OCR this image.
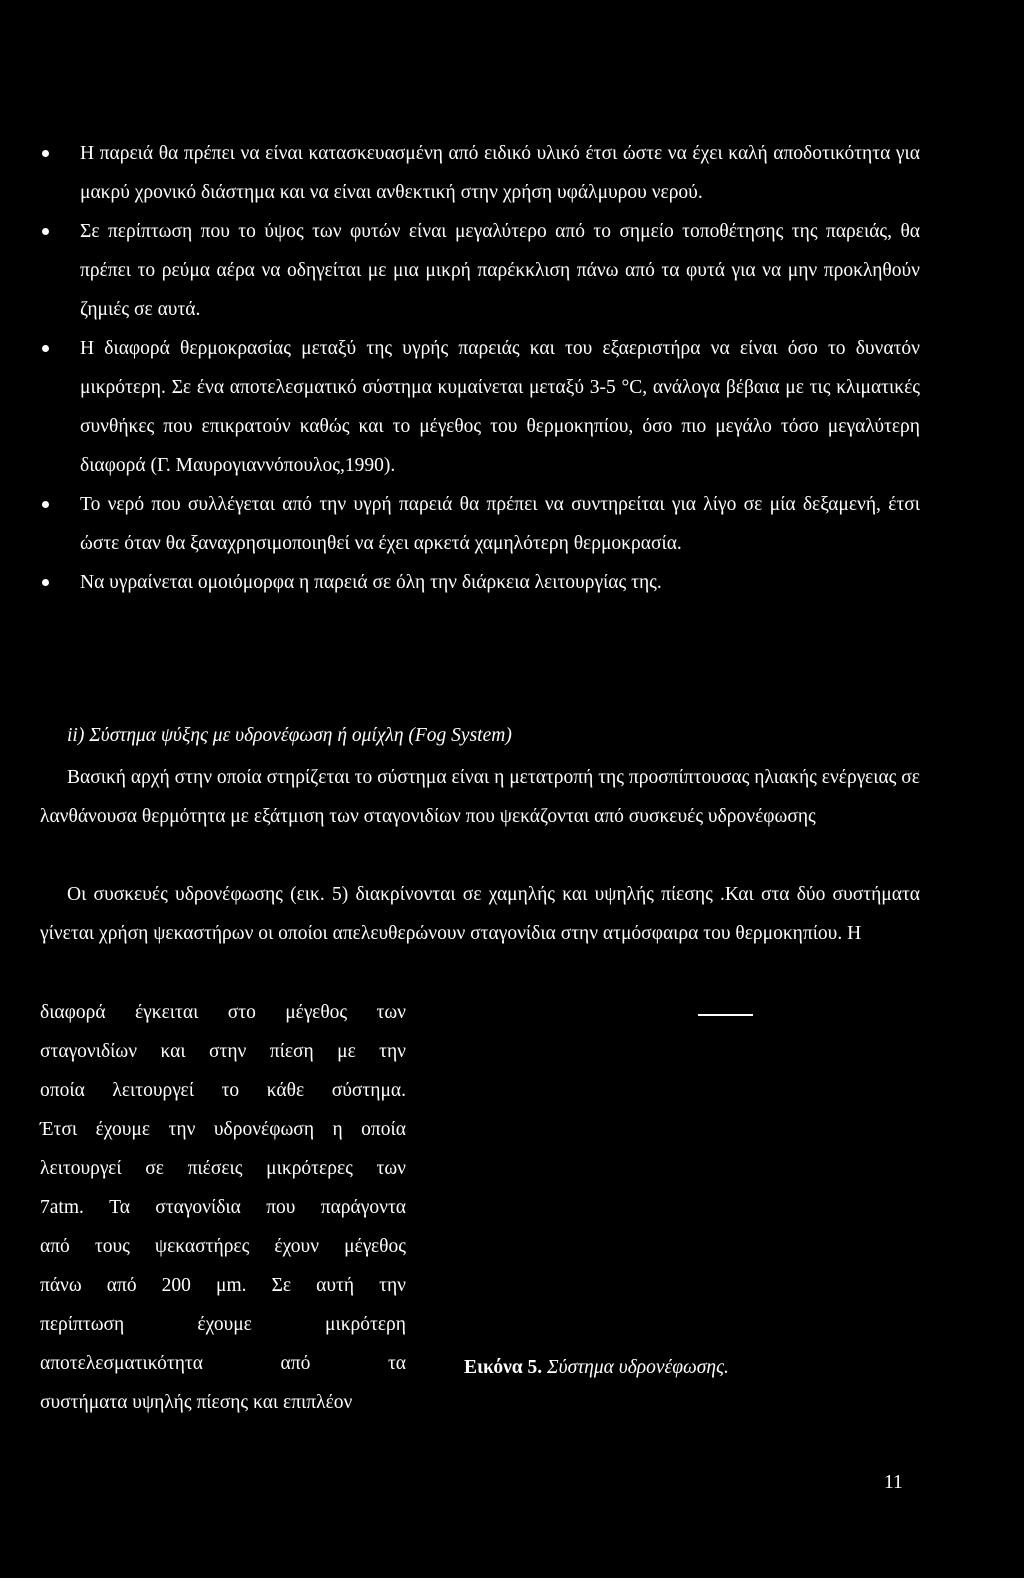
Η παρειά θα πρέπει να είναι κατασκευασμένη από ειδικό υλικό έτσι ώστε να έχει καλή αποδοτικότητα για μακρύ χρονικό διάστημα και να είναι ανθεκτική στην χρήση υφάλμυρου νερού.
Σε περίπτωση που το ύψος των φυτών είναι μεγαλύτερο από το σημείο τοποθέτησης της παρειάς, θα πρέπει το ρεύμα αέρα να οδηγείται με μια μικρή παρέκκλιση πάνω από τα φυτά για να μην προκληθούν ζημιές σε αυτά.
Η διαφορά θερμοκρασίας μεταξύ της υγρής παρειάς και του εξαεριστήρα να είναι όσο το δυνατόν μικρότερη. Σε ένα αποτελεσματικό σύστημα κυμαίνεται μεταξύ 3-5 °C, ανάλογα βέβαια με τις κλιματικές συνθήκες που επικρατούν καθώς και το μέγεθος του θερμοκηπίου, όσο πιο μεγάλο τόσο μεγαλύτερη διαφορά (Γ. Μαυρογιαννόπουλος,1990).
Το νερό που συλλέγεται από την υγρή παρειά θα πρέπει να συντηρείται για λίγο σε μία δεξαμενή, έτσι ώστε όταν θα ξαναχρησιμοποιηθεί να έχει αρκετά χαμηλότερη θερμοκρασία.
Να υγραίνεται ομοιόμορφα η παρειά σε όλη την διάρκεια λειτουργίας της.

ii) Σύστημα ψύξης με υδρονέφωση ή ομίχλη (Fog System)

Βασική αρχή στην οποία στηρίζεται το σύστημα είναι η μετατροπή της προσπίπτουσας ηλιακής ενέργειας σε λανθάνουσα θερμότητα με εξάτμιση των σταγονιδίων που ψεκάζονται από συσκευές υδρονέφωσης

Οι συσκευές υδρονέφωσης (εικ. 5) διακρίνονται σε χαμηλής και υψηλής πίεσης .Και στα δύο συστήματα γίνεται χρήση ψεκαστήρων οι οποίοι απελευθερώνουν σταγονίδια στην ατμόσφαιρα του θερμοκηπίου. Η

διαφορά έγκειται στο μέγεθος των
σταγονιδίων και στην πίεση με την
οποία λειτουργεί το κάθε σύστημα.
Έτσι έχουμε την υδρονέφωση η οποία
λειτουργεί σε πιέσεις μικρότερες των
7atm. Τα σταγονίδια που παράγοντα
από τους ψεκαστήρες έχουν μέγεθος
πάνω από 200 μm. Σε αυτή την
περίπτωση έχουμε μικρότερη
αποτελεσματικότητα από τα
συστήματα υψηλής πίεσης και επιπλέον

Εικόνα 5. Σύστημα υδρονέφωσης.

11
